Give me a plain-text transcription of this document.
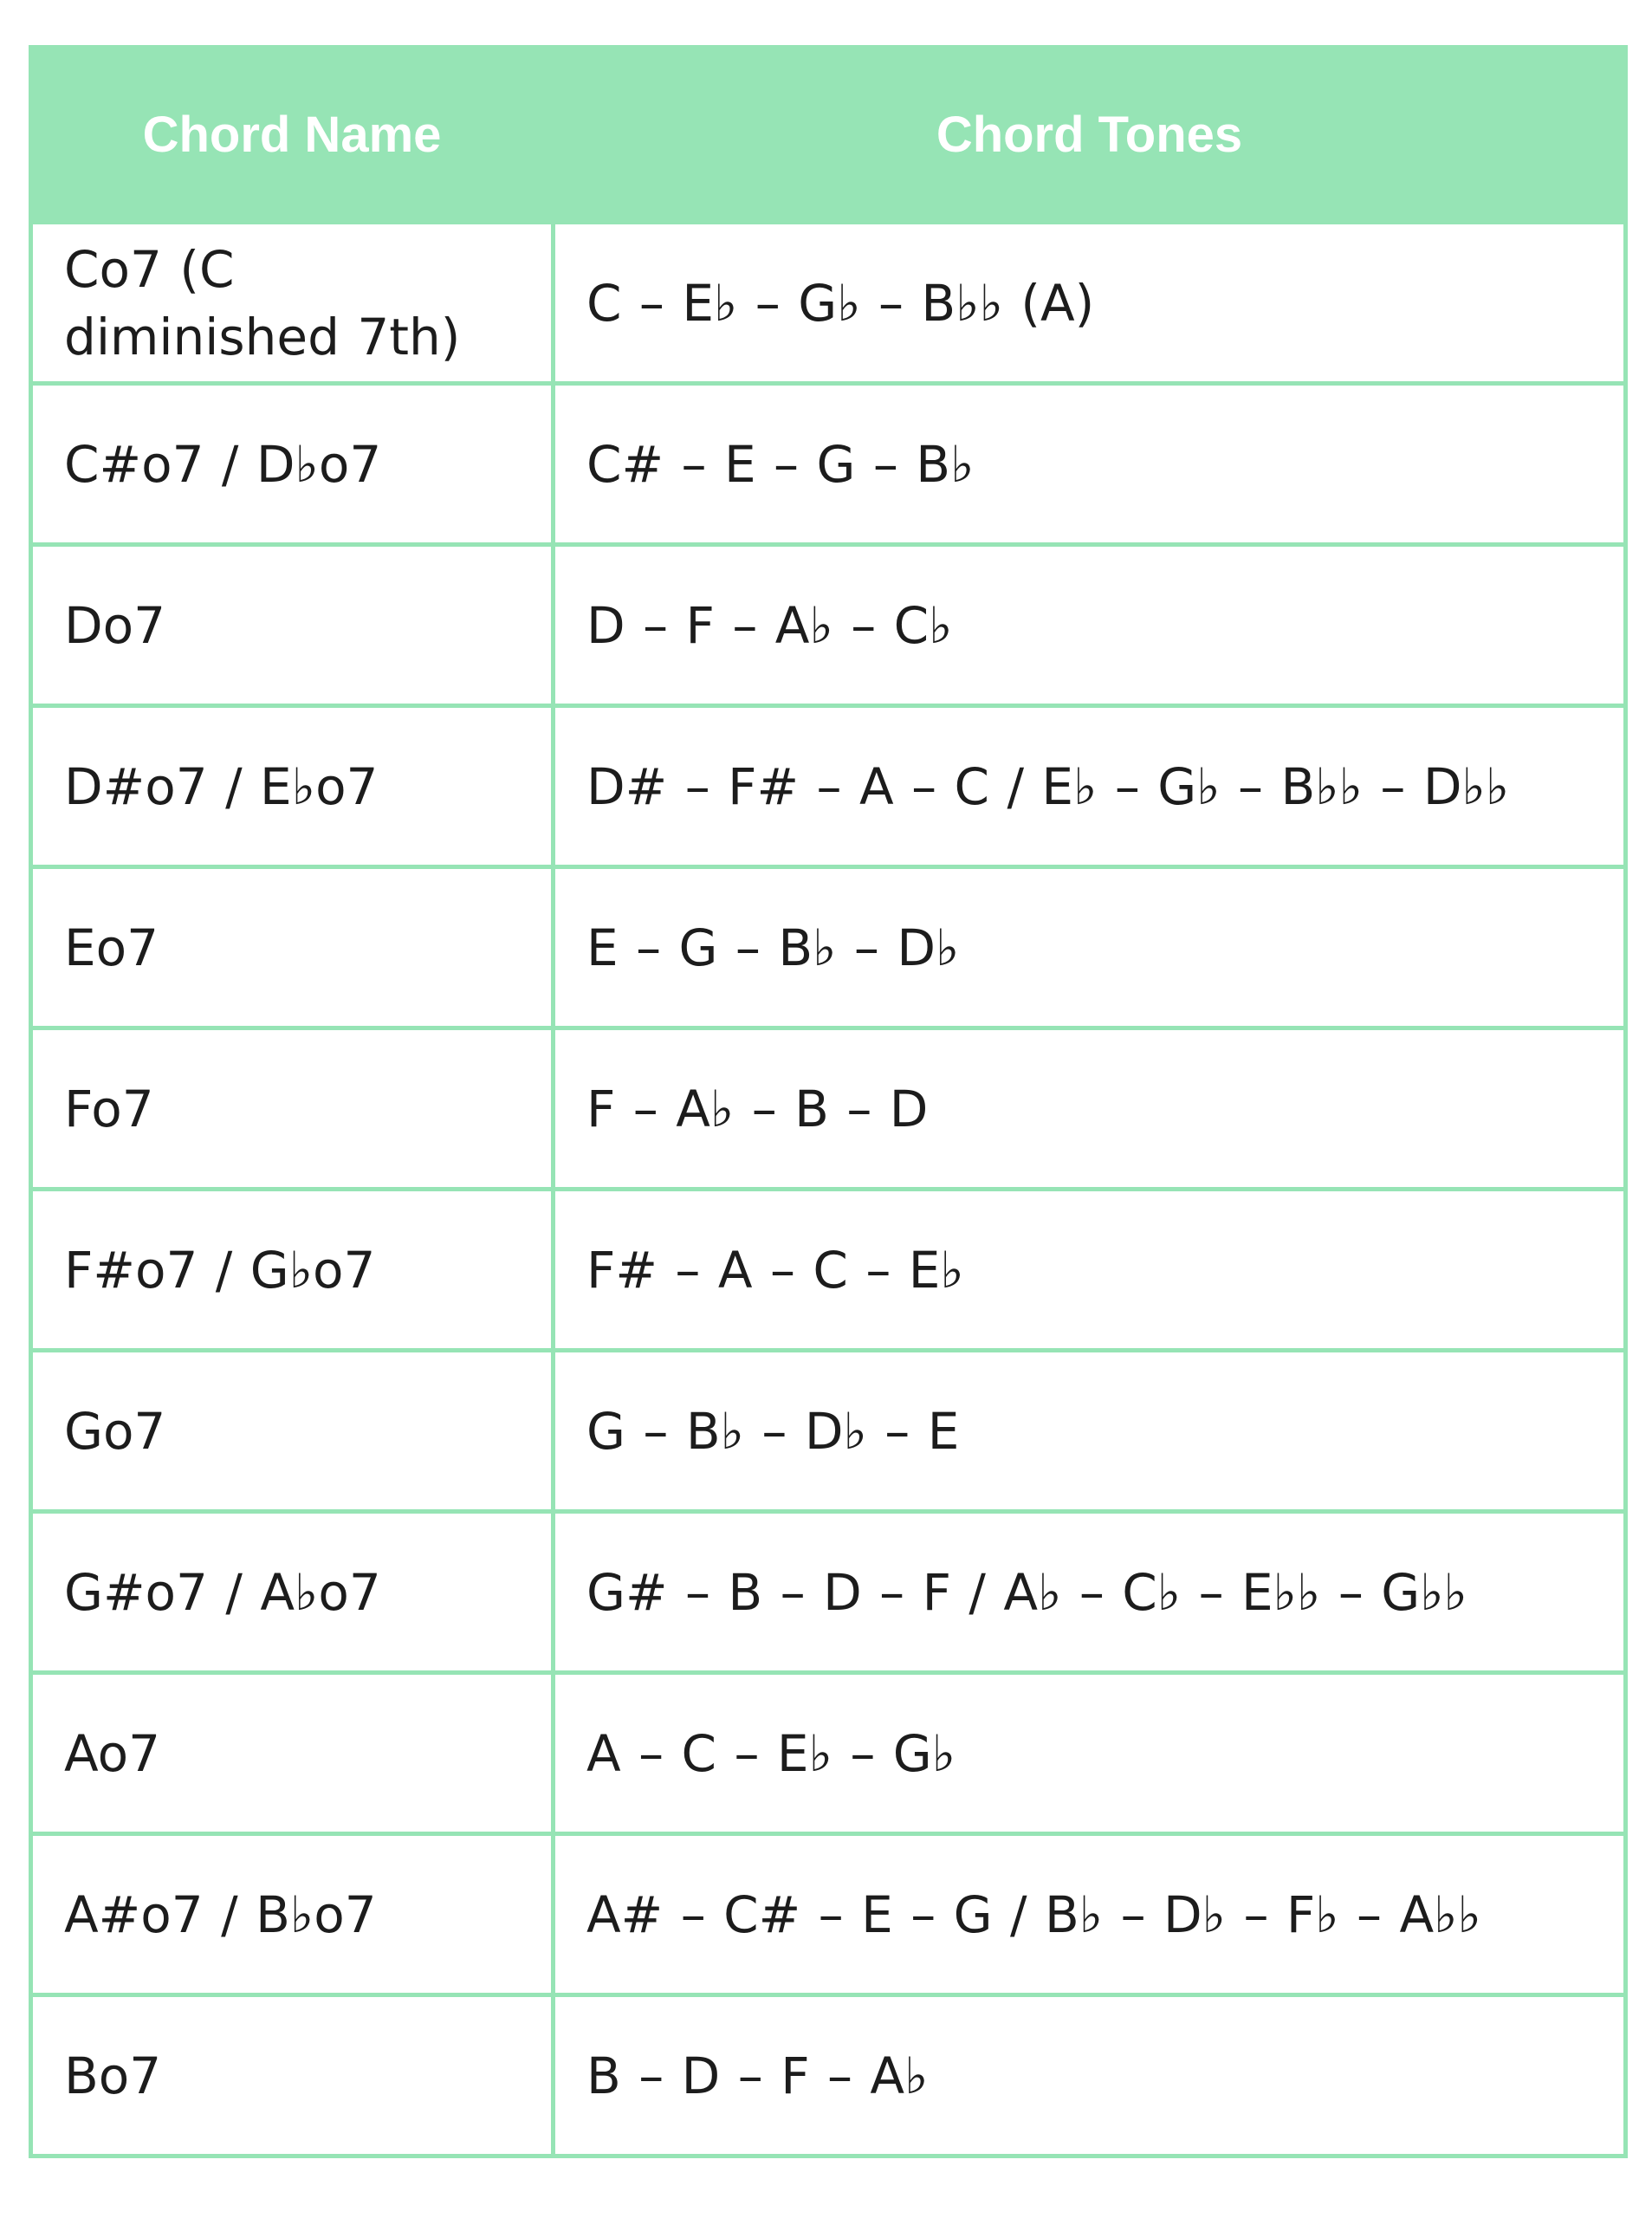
Chord Name	Chord Tones
Co7 (C diminished 7th)	C – E♭ – G♭ – B♭♭ (A)
C#o7 / D♭o7	C# – E – G – B♭
Do7	D – F – A♭ – C♭
D#o7 / E♭o7	D# – F# – A – C / E♭ – G♭ – B♭♭ – D♭♭
Eo7	E – G – B♭ – D♭
Fo7	F – A♭ – B – D
F#o7 / G♭o7	F# – A – C – E♭
Go7	G – B♭ – D♭ – E
G#o7 / A♭o7	G# – B – D – F / A♭ – C♭ – E♭♭ – G♭♭
Ao7	A – C – E♭ – G♭
A#o7 / B♭o7	A# – C# – E – G / B♭ – D♭ – F♭ – A♭♭
Bo7	B – D – F – A♭
